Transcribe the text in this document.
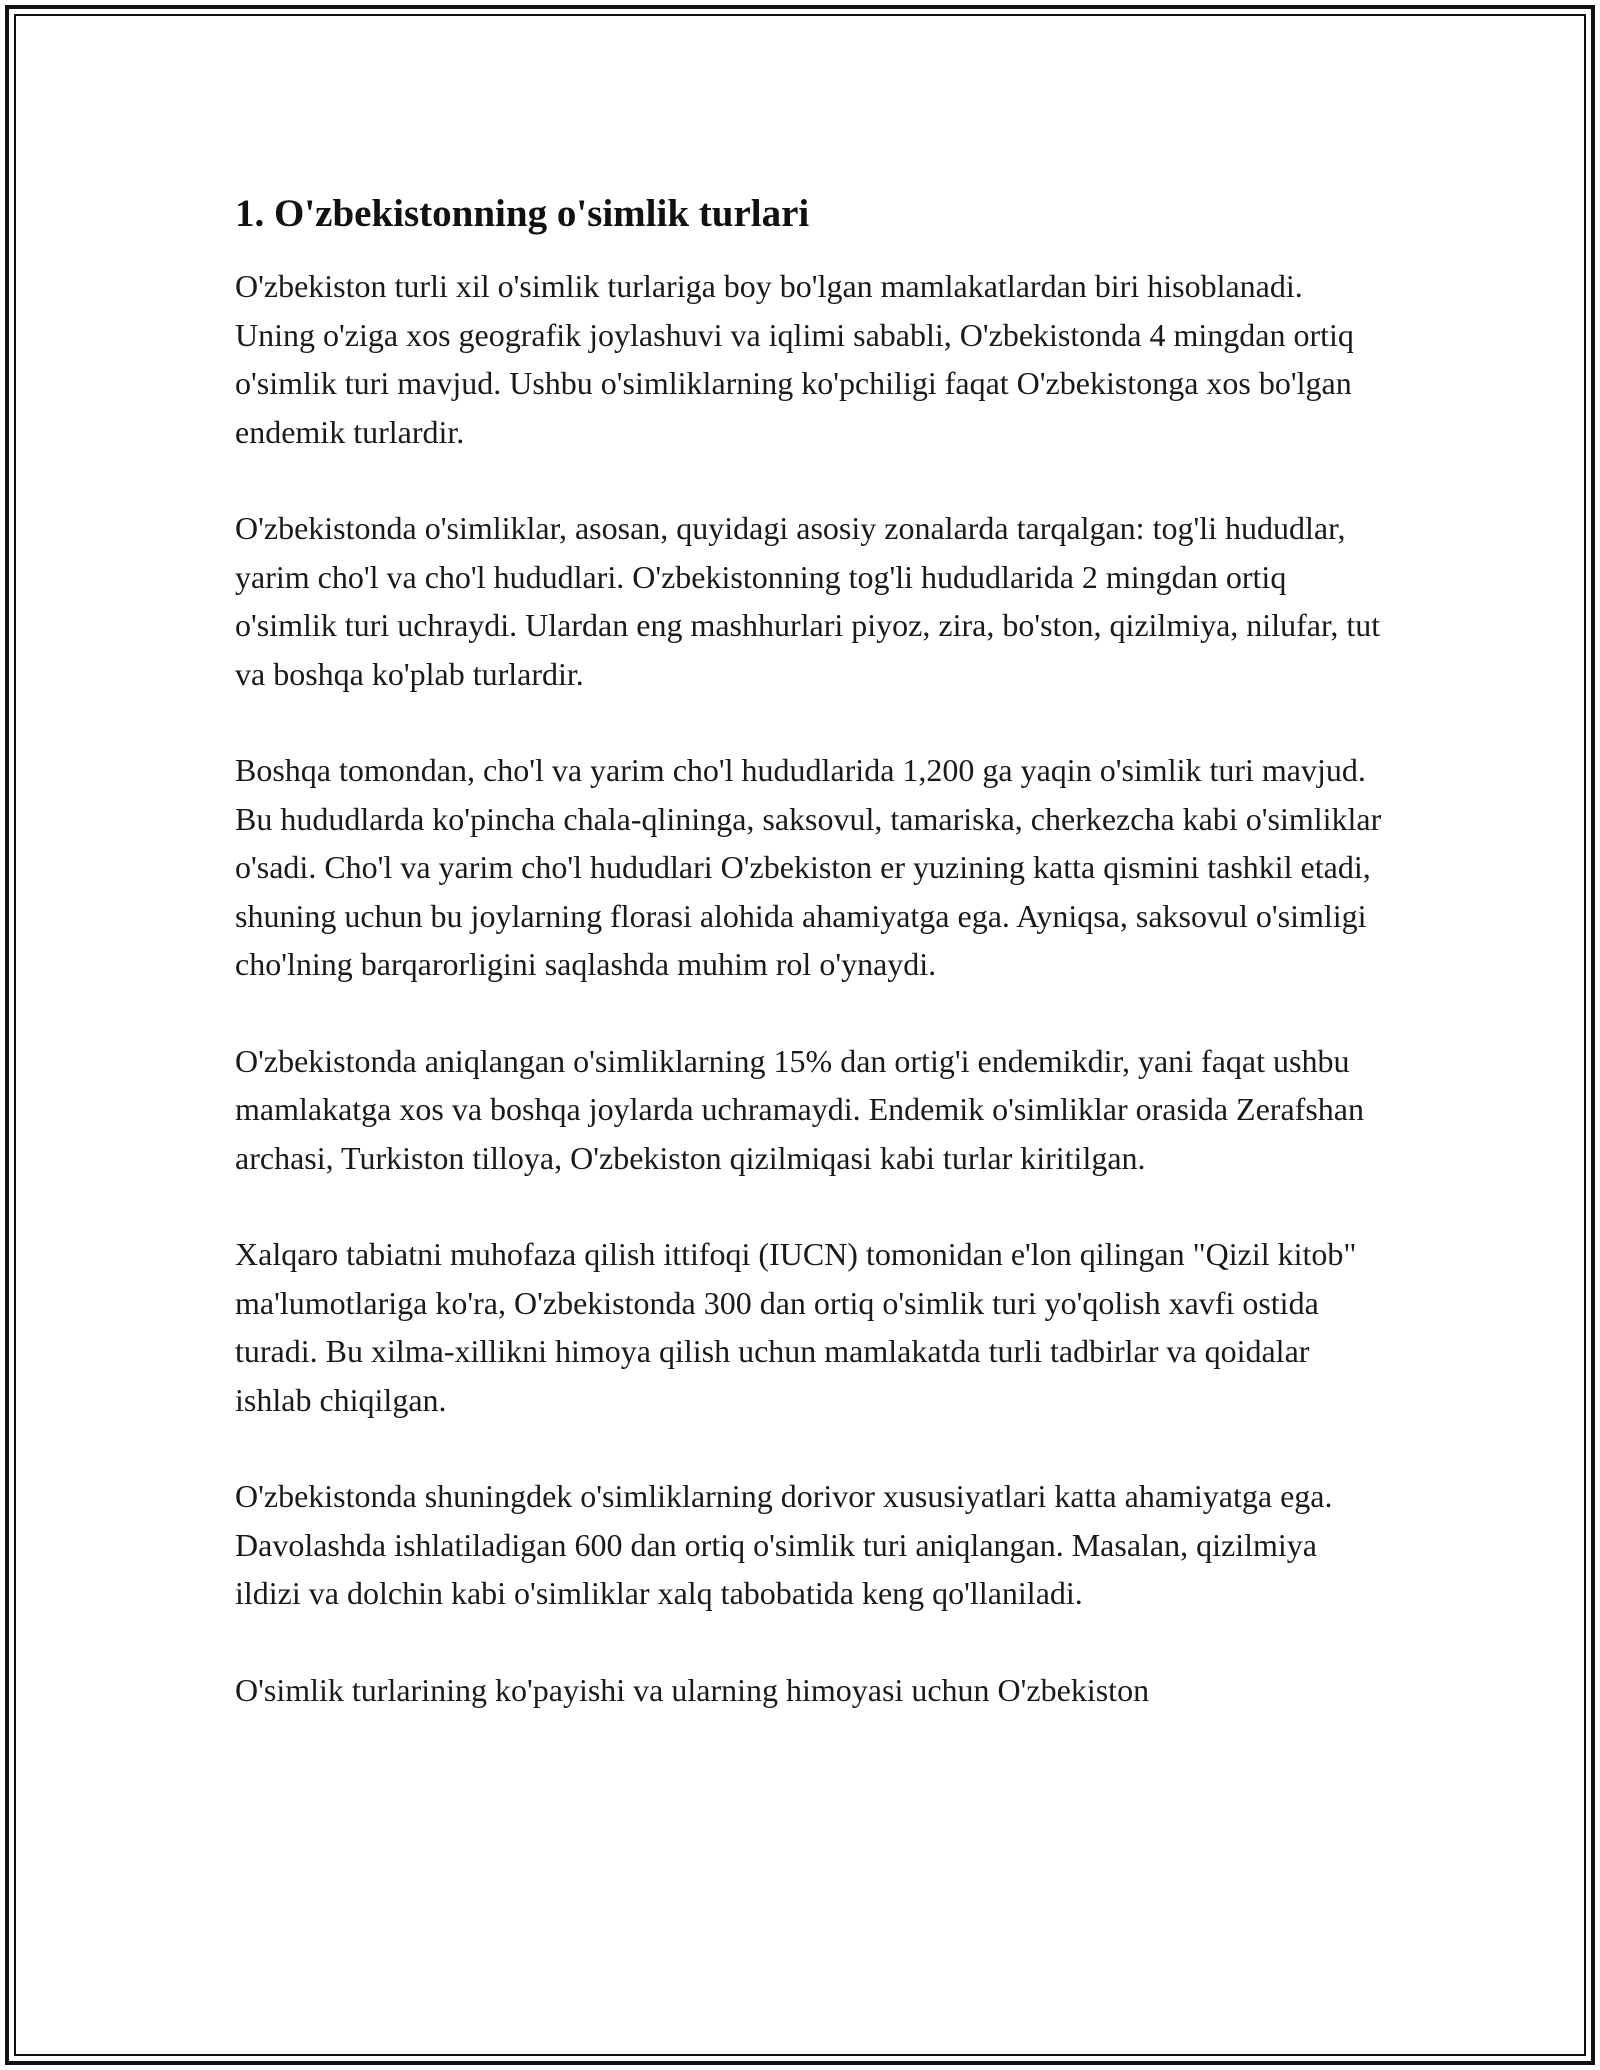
1. O'zbekistonning o'simlik turlari

O'zbekiston turli xil o'simlik turlariga boy bo'lgan mamlakatlardan biri hisoblanadi. Uning o'ziga xos geografik joylashuvi va iqlimi sababli, O'zbekistonda 4 mingdan ortiq o'simlik turi mavjud. Ushbu o'simliklarning ko'pchiligi faqat O'zbekistonga xos bo'lgan endemik turlardir.

O'zbekistonda o'simliklar, asosan, quyidagi asosiy zonalarda tarqalgan: tog'li hududlar, yarim cho'l va cho'l hududlari. O'zbekistonning tog'li hududlarida 2 mingdan ortiq o'simlik turi uchraydi. Ulardan eng mashhurlari piyoz, zira, bo'ston, qizilmiya, nilufar, tut va boshqa ko'plab turlardir.

Boshqa tomondan, cho'l va yarim cho'l hududlarida 1,200 ga yaqin o'simlik turi mavjud. Bu hududlarda ko'pincha chala-qlininga, saksovul, tamariska, cherkezcha kabi o'simliklar o'sadi. Cho'l va yarim cho'l hududlari O'zbekiston er yuzining katta qismini tashkil etadi, shuning uchun bu joylarning florasi alohida ahamiyatga ega. Ayniqsa, saksovul o'simligi cho'lning barqarorligini saqlashda muhim rol o'ynaydi.

O'zbekistonda aniqlangan o'simliklarning 15% dan ortig'i endemikdir, yani faqat ushbu mamlakatga xos va boshqa joylarda uchramaydi. Endemik o'simliklar orasida Zerafshan archasi, Turkiston tilloya, O'zbekiston qizilmiqasi kabi turlar kiritilgan.

Xalqaro tabiatni muhofaza qilish ittifoqi (IUCN) tomonidan e'lon qilingan "Qizil kitob" ma'lumotlariga ko'ra, O'zbekistonda 300 dan ortiq o'simlik turi yo'qolish xavfi ostida turadi. Bu xilma-xillikni himoya qilish uchun mamlakatda turli tadbirlar va qoidalar ishlab chiqilgan.

O'zbekistonda shuningdek o'simliklarning dorivor xususiyatlari katta ahamiyatga ega. Davolashda ishlatiladigan 600 dan ortiq o'simlik turi aniqlangan. Masalan, qizilmiya ildizi va dolchin kabi o'simliklar xalq tabobatida keng qo'llaniladi.

O'simlik turlarining ko'payishi va ularning himoyasi uchun O'zbekiston
